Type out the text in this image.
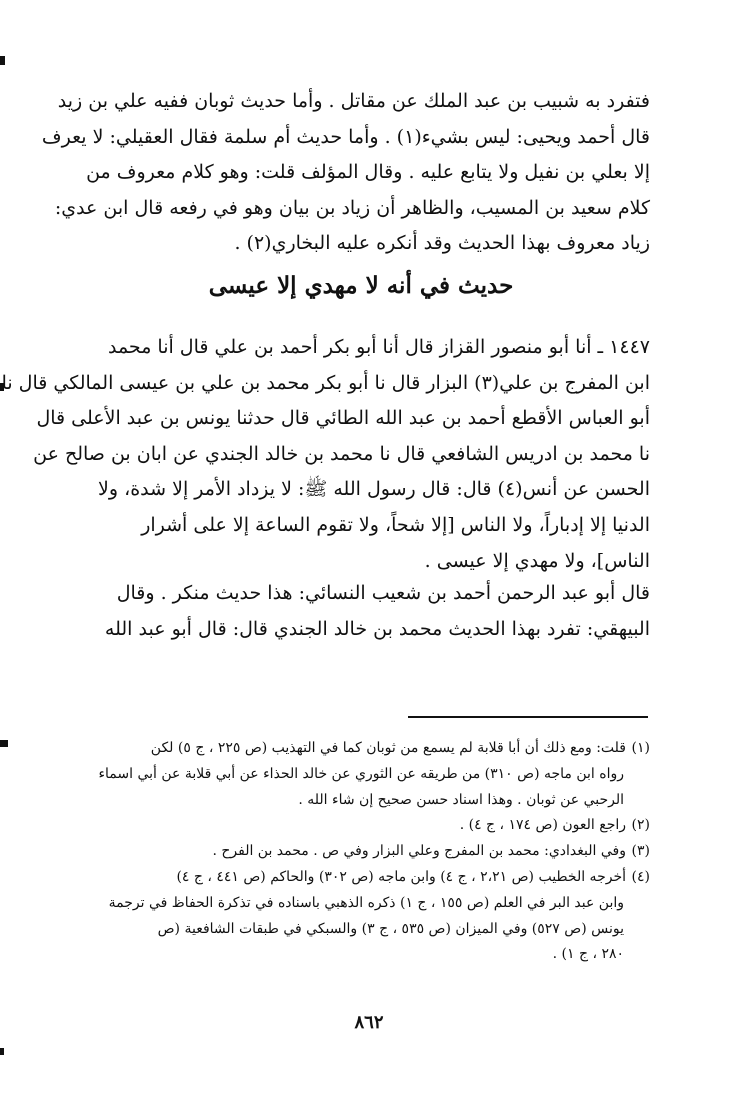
فتفرد به شبيب بن عبد الملك عن مقاتل . وأما حديث ثوبان ففيه علي بن زيد
قال أحمد ويحيى: ليس بشيء(١) . وأما حديث أم سلمة فقال العقيلي: لا يعرف
إلا بعلي بن نفيل ولا يتابع عليه . وقال المؤلف قلت: وهو كلام معروف من
كلام سعيد بن المسيب، والظاهر أن زياد بن بيان وهو في رفعه قال ابن عدي:
زياد معروف بهذا الحديث وقد أنكره عليه البخاري(٢) .
حديث في أنه لا مهدي إلا عيسى
١٤٤٧ ـ أنا أبو منصور القزاز قال أنا أبو بكر أحمد بن علي قال أنا محمد
ابن المفرج بن علي(٣) البزار قال نا أبو بكر محمد بن علي بن عيسى المالكي قال نا
أبو العباس الأقطع أحمد بن عبد الله الطائي قال حدثنا يونس بن عبد الأعلى قال
نا محمد بن ادريس الشافعي قال نا محمد بن خالد الجندي عن ابان بن صالح عن
الحسن عن أنس(٤) قال: قال رسول الله ﷺ: لا يزداد الأمر إلا شدة، ولا
الدنيا إلا إدباراً، ولا الناس [إلا شحاً، ولا تقوم الساعة إلا على أشرار
الناس]، ولا مهدي إلا عيسى .
قال أبو عبد الرحمن أحمد بن شعيب النسائي: هذا حديث منكر . وقال
البيهقي: تفرد بهذا الحديث محمد بن خالد الجندي قال: قال أبو عبد الله
(١)قلت: ومع ذلك أن أبا قلابة لم يسمع من ثوبان كما في التهذيب (ص ٢٢٥ ، ج ٥) لكن
رواه ابن ماجه (ص ٣١٠) من طريقه عن الثوري عن خالد الحذاء عن أبي قلابة عن أبي اسماء
الرحبي عن ثوبان . وهذا اسناد حسن صحيح إن شاء الله .
(٢)راجع العون (ص ١٧٤ ، ج ٤) .
(٣)وفي البغدادي: محمد بن المفرج وعلي البزار وفي ص . محمد بن الفرح .
(٤)أخرجه الخطيب (ص ٢،٢١ ، ج ٤) وابن ماجه (ص ٣٠٢) والحاكم (ص ٤٤١ ، ج ٤)
وابن عبد البر في العلم (ص ١٥٥ ، ج ١) ذكره الذهبي باسناده في تذكرة الحفاظ في ترجمة
يونس (ص ٥٢٧) وفي الميزان (ص ٥٣٥ ، ج ٣) والسبكي في طبقات الشافعية (ص
٢٨٠ ، ج ١) .
٨٦٢
